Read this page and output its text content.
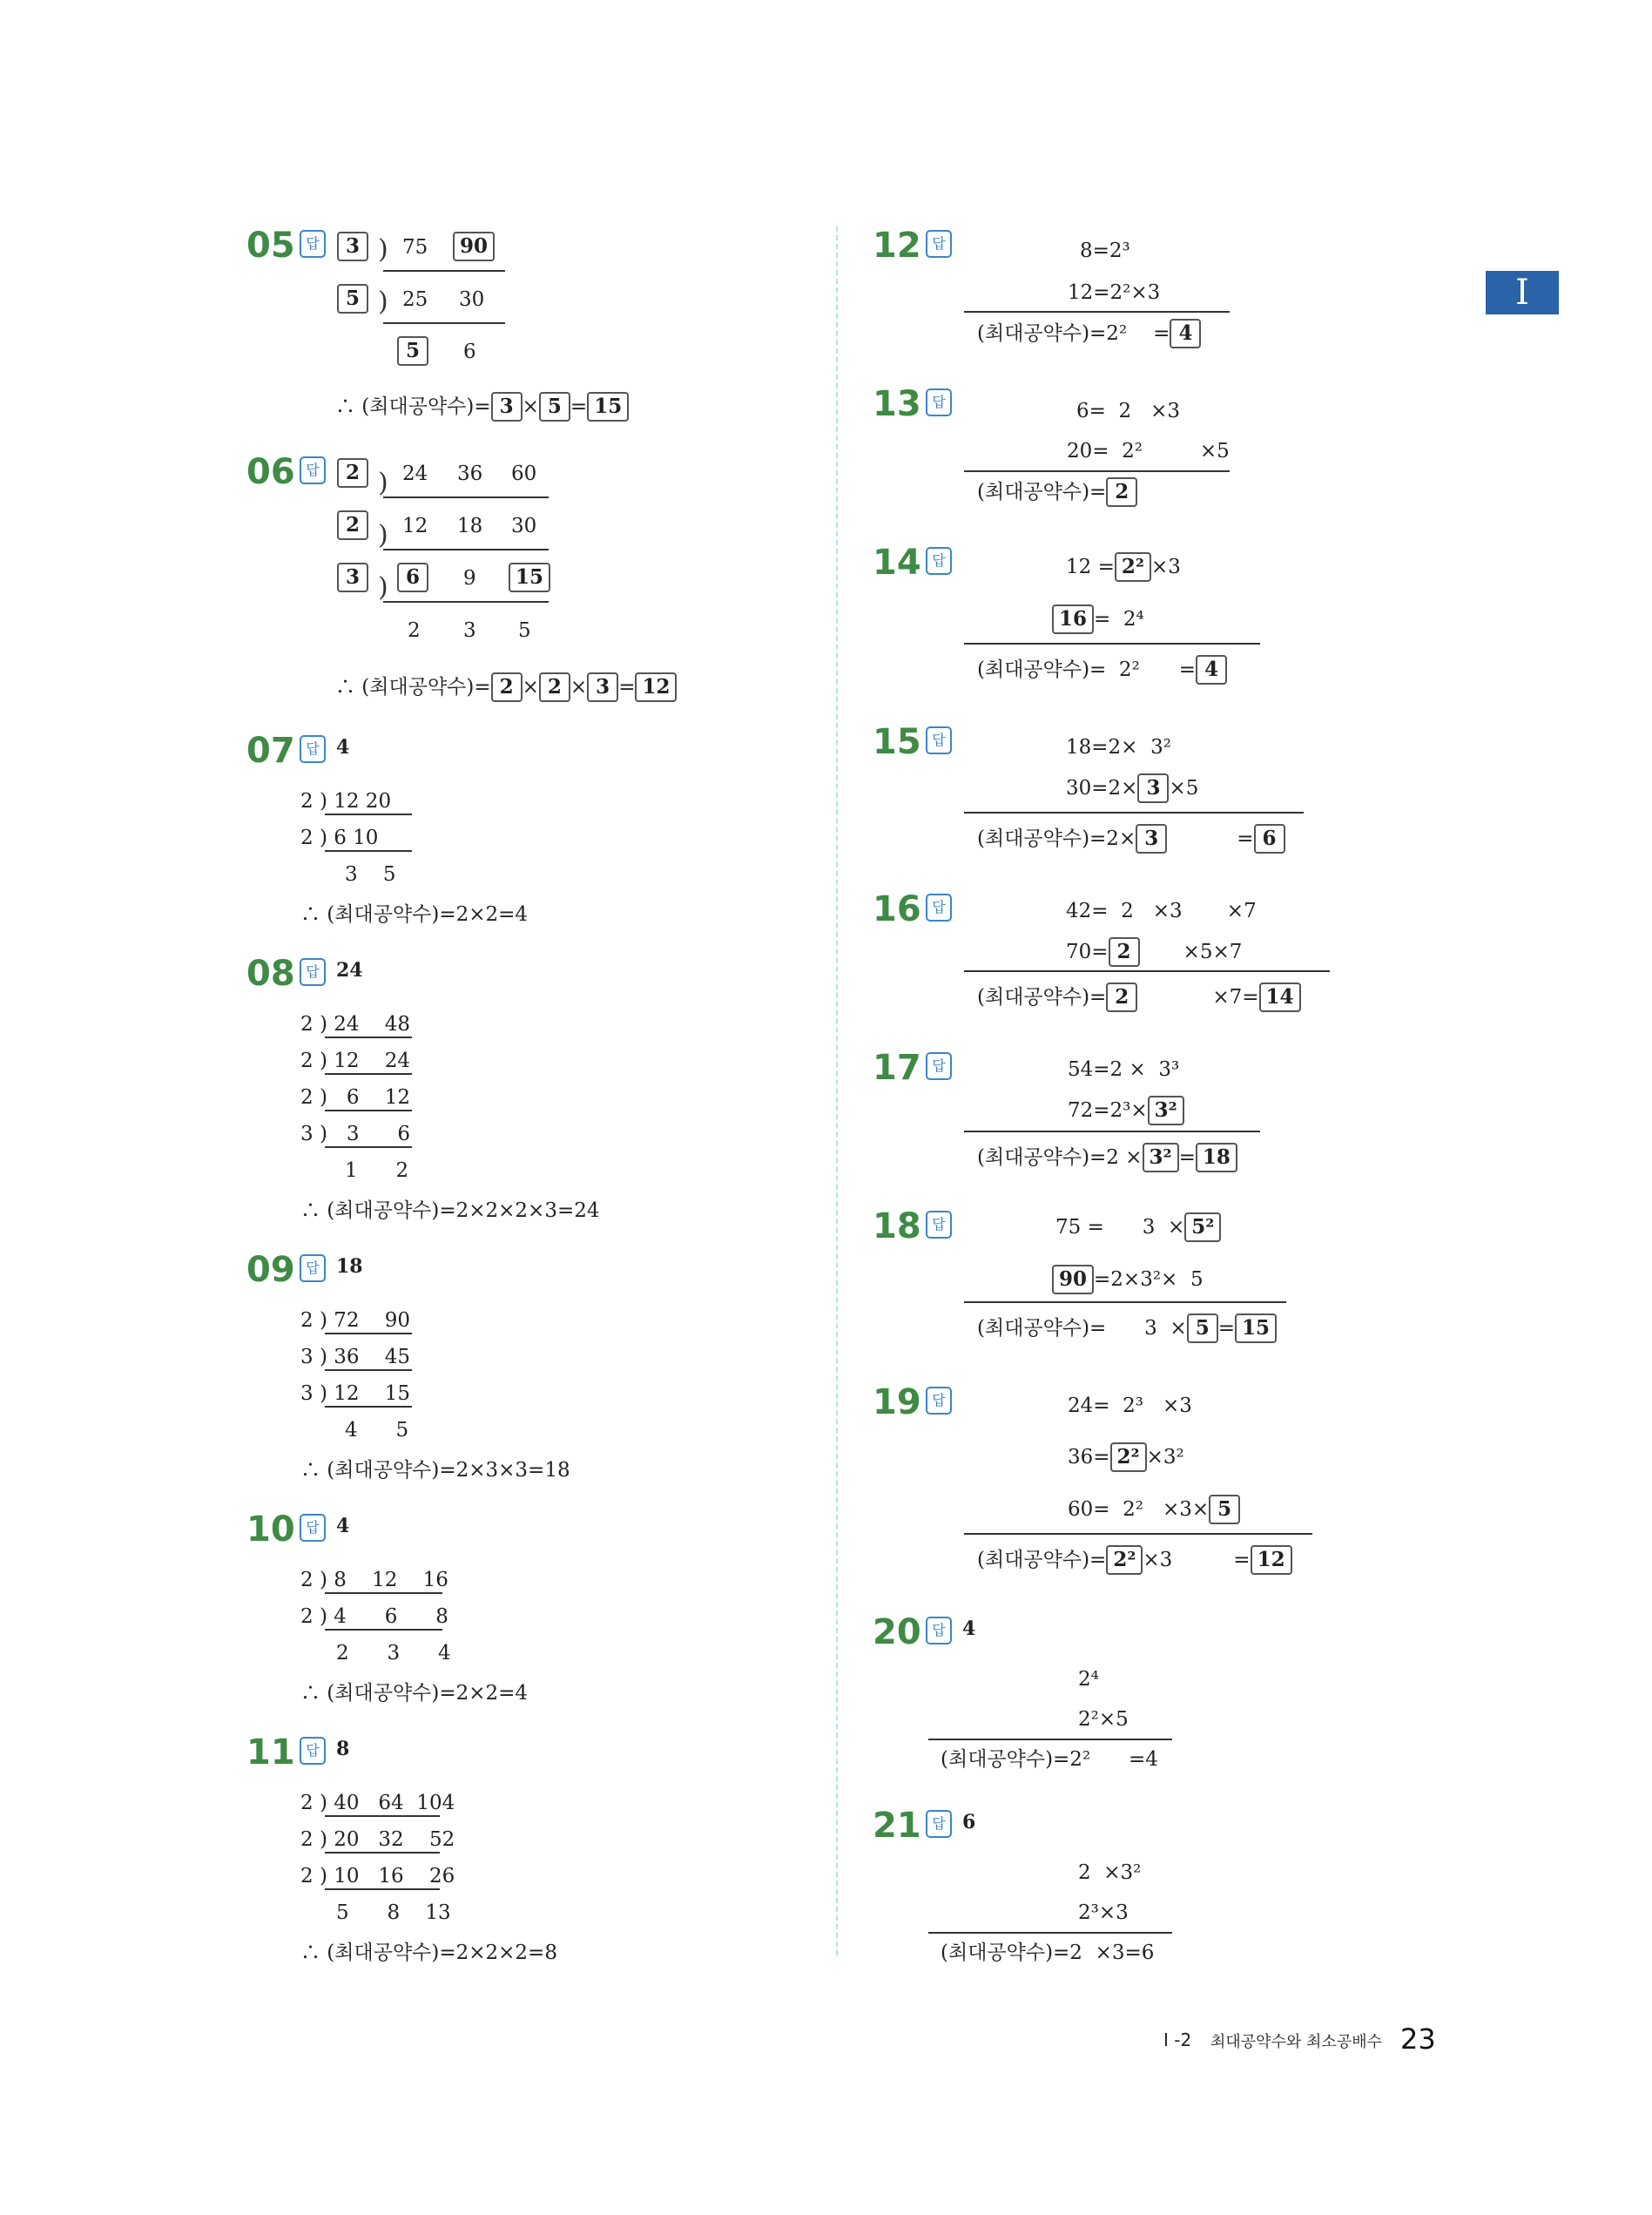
I
05 답	3 ) 75	90
5 ) 25 30
5	6
∴ (최대공약수)= 3 × 5 = 15
06 답	2 ) 24 36 60
2 ) 12 18 30
3 ) 6	9	15
2 3 5
∴ (최대공약수)= 2 × 2 × 3 = 12
07 답 4
2 ) 12 20
2 ) 6 10
3    5
∴ (최대공약수)=2×2=4
08 답 24
2 ) 24    48
2 ) 12    24
2 )   6    12
3 )   3      6
1      2
∴ (최대공약수)=2×2×2×3=24
09 답 18
2 ) 72    90
3 ) 36    45
3 ) 12    15
4      5
∴ (최대공약수)=2×3×3=18
10 답 4
2 ) 8    12    16
2 ) 4      6      8
2      3      4
∴ (최대공약수)=2×2=4
11 답 8
2 ) 40   64  104
2 ) 20   32    52
2 ) 10   16    26
5      8    13
∴ (최대공약수)=2×2×2=8
12 답	8=2³
12=2²×3
(최대공약수)=2² = 4
13 답	6=  2   ×3
20=  2²         ×5
(최대공약수)= 2
14 답	12 = 2² ×3
16 =  2⁴
(최대공약수)=  2² = 4
15 답	18=2×  3²
30=2× 3 ×5
(최대공약수)=2× 3	= 6
16 답	42=  2   ×3       ×7
70= 2	×5×7
(최대공약수)= 2	×7= 14
17 답	54=2 ×  3³
72=2³× 3²
(최대공약수)=2 × 3² = 18
18 답	75 =      3  × 5²
90 =2×3²×  5
(최대공약수)=      3  × 5 = 15
19 답	24=  2³   ×3
36= 2² ×3²
60=  2²   ×3× 5
(최대공약수)= 2² ×3	= 12
20 답 4
2⁴
2²×5
(최대공약수)=2²      =4
21 답 6
2  ×3²
2³×3
(최대공약수)=2  ×3=6
I -2 최대공약수와 최소공배수 23
